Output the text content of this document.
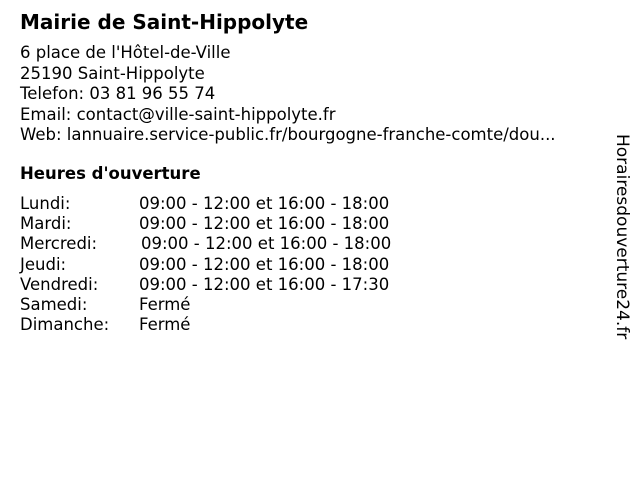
Mairie de Saint-Hippolyte
6 place de l'Hôtel-de-Ville
25190 Saint-Hippolyte
Telefon: 03 81 96 55 74
Email: contact@ville-saint-hippolyte.fr
Web: lannuaire.service-public.fr/bourgogne-franche-comte/dou...
Heures d'ouverture
Lundi:	09:00 - 12:00 et 16:00 - 18:00
Mardi:	09:00 - 12:00 et 16:00 - 18:00
Mercredi:	09:00 - 12:00 et 16:00 - 18:00
Jeudi:	09:00 - 12:00 et 16:00 - 18:00
Vendredi: 09:00 - 12:00 et 16:00 - 17:30
Samedi:	Fermé
Dimanche: Fermé	Horairesdouverture24.fr
